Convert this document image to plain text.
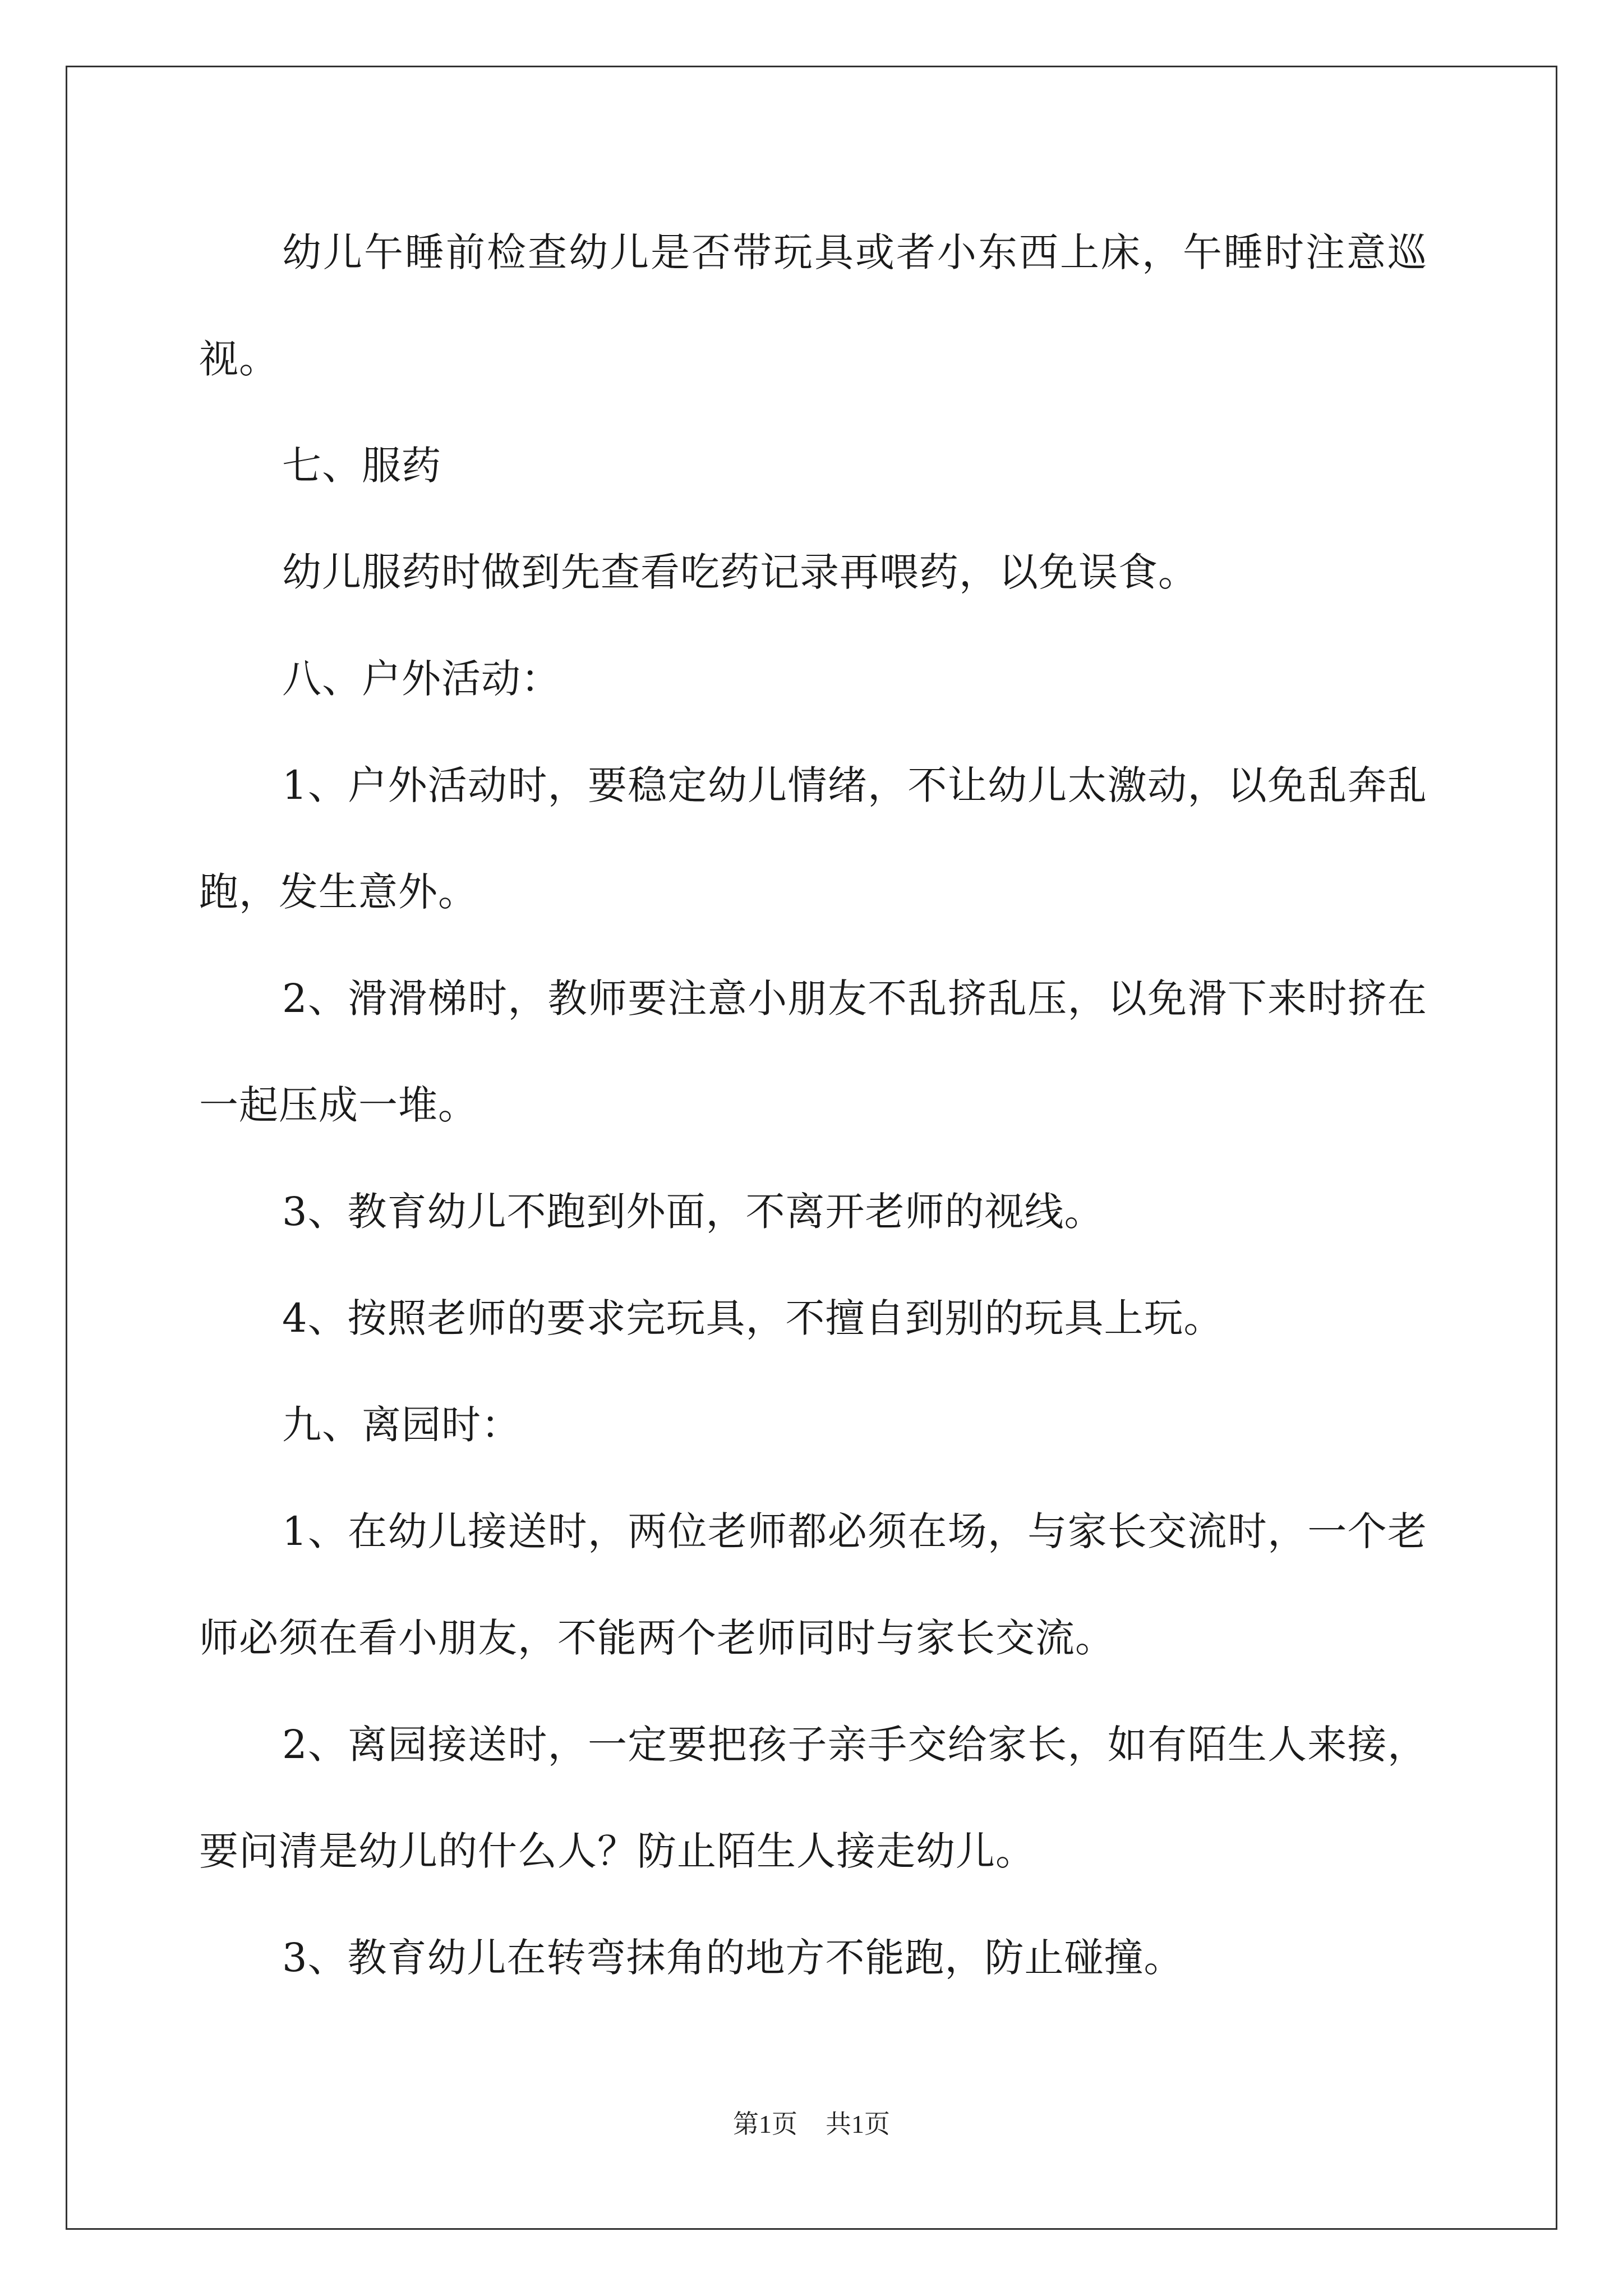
幼儿午睡前检查幼儿是否带玩具或者小东西上床，午睡时注意巡视。

七、服药

幼儿服药时做到先查看吃药记录再喂药，以免误食。

八、户外活动：

1、户外活动时，要稳定幼儿情绪，不让幼儿太激动，以免乱奔乱跑，发生意外。

2、滑滑梯时，教师要注意小朋友不乱挤乱压，以免滑下来时挤在一起压成一堆。

3、教育幼儿不跑到外面，不离开老师的视线。

4、按照老师的要求完玩具，不擅自到别的玩具上玩。

九、离园时：

1、在幼儿接送时，两位老师都必须在场，与家长交流时，一个老师必须在看小朋友，不能两个老师同时与家长交流。

2、离园接送时，一定要把孩子亲手交给家长，如有陌生人来接，要问清是幼儿的什么人？防止陌生人接走幼儿。

3、教育幼儿在转弯抹角的地方不能跑，防止碰撞。

第1页 共1页
